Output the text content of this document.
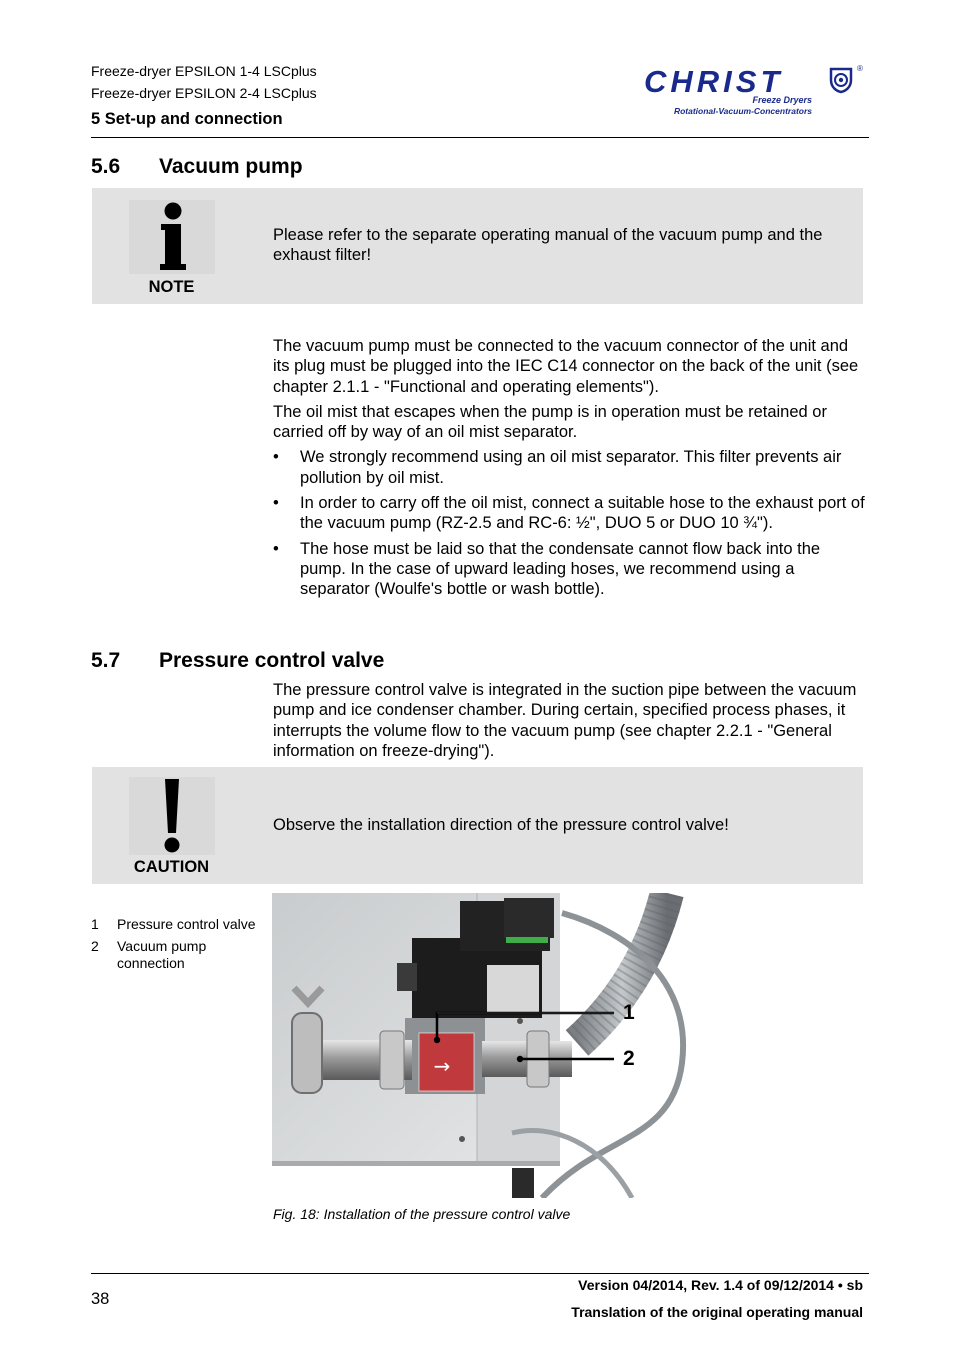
Freeze-dryer EPSILON 1-4 LSCplus
Freeze-dryer EPSILON 2-4 LSCplus
5 Set-up and connection
CHRIST	®
Freeze Dryers
Rotational-Vacuum-Concentrators
5.6 Vacuum pump
NOTE
Please refer to the separate operating manual of the vacuum pump and the exhaust filter!

The vacuum pump must be connected to the vacuum connector of the unit and its plug must be plugged into the IEC C14 connector on the back of the unit (see chapter 2.1.1 - "Functional and operating elements").

The oil mist that escapes when the pump is in operation must be retained or carried off by way of an oil mist separator.

• We strongly recommend using an oil mist separator. This filter prevents air pollution by oil mist.
• In order to carry off the oil mist, connect a suitable hose to the exhaust port of the vacuum pump (RZ-2.5 and RC-6: ½", DUO 5 or DUO 10 ¾").
• The hose must be laid so that the condensate cannot flow back into the pump. In the case of upward leading hoses, we recommend using a separator (Woulfe's bottle or wash bottle).
5.7 Pressure control valve
The pressure control valve is integrated in the suction pipe between the vacuum pump and ice condenser chamber. During certain, specified process phases, it interrupts the volume flow to the vacuum pump (see chapter 2.2.1 - "General information on freeze-drying").
CAUTION
Observe the installation direction of the pressure control valve!
1 Pressure control valve
2 Vacuum pump connection
→
1
2
Fig. 18: Installation of the pressure control valve
38
Version 04/2014, Rev. 1.4 of 09/12/2014 • sb
Translation of the original operating manual
